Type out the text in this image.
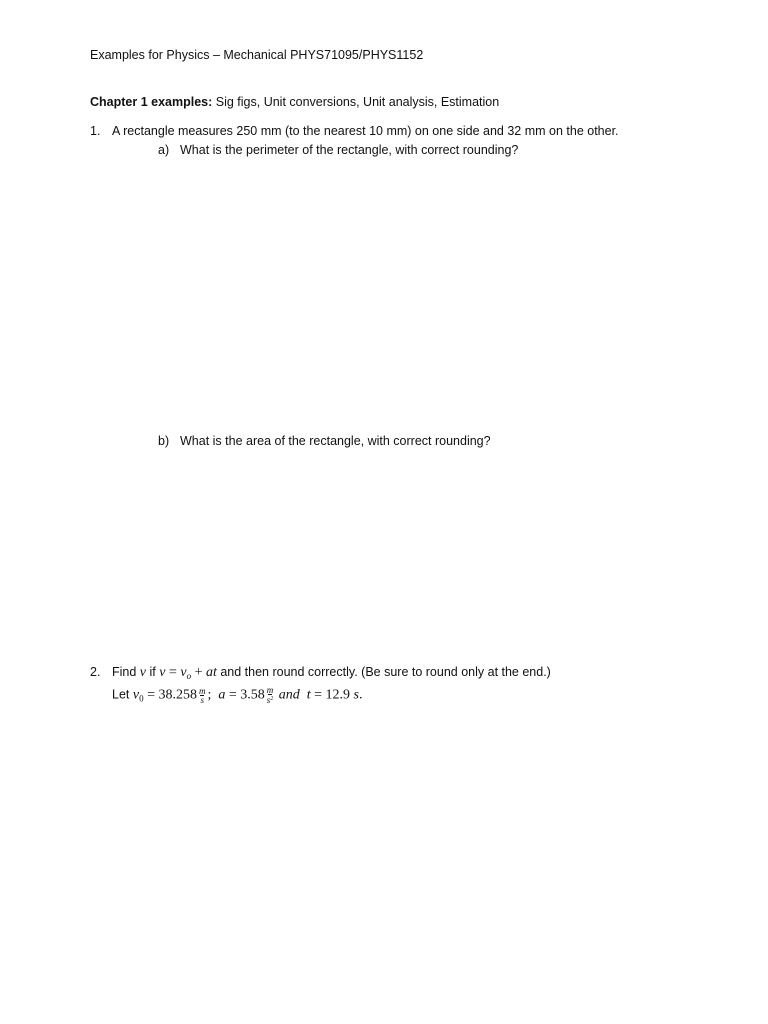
Examples for Physics – Mechanical PHYS71095/PHYS1152
Chapter 1 examples: Sig figs, Unit conversions, Unit analysis, Estimation
1. A rectangle measures 250 mm (to the nearest 10 mm) on one side and 32 mm on the other.
a) What is the perimeter of the rectangle, with correct rounding?
b) What is the area of the rectangle, with correct rounding?
2. Find v if $v = v_o$ + at and then round correctly. (Be sure to round only at the end.)
Let $v_0 = 38.258 \frac{m}{s}$ ;  $a = 3.58 \frac{m}{s^2}$ and t = 12.9 s.
